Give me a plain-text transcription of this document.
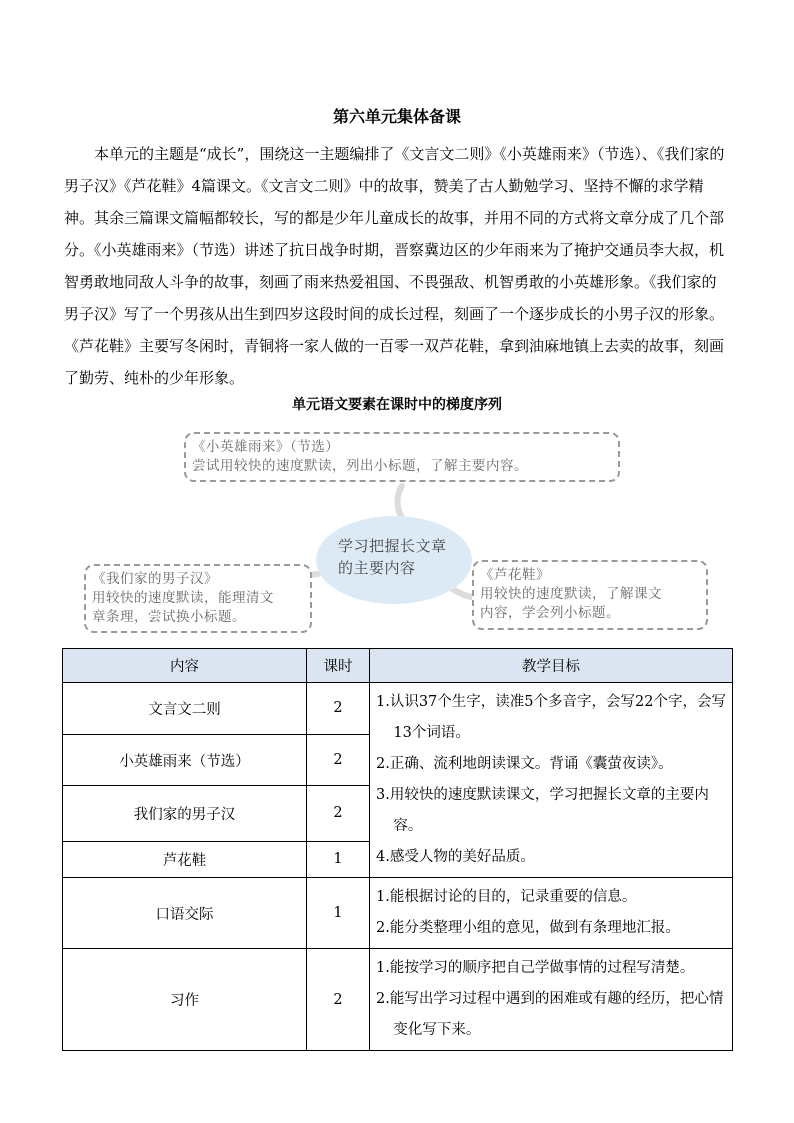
第六单元集体备课

本单元的主题是“成长”，围绕这一主题编排了《文言文二则》《小英雄雨来》（节选）、《我们家的男子汉》《芦花鞋》4篇课文。《文言文二则》中的故事，赞美了古人勤勉学习、坚持不懈的求学精神。其余三篇课文篇幅都较长，写的都是少年儿童成长的故事，并用不同的方式将文章分成了几个部分。《小英雄雨来》（节选）讲述了抗日战争时期，晋察冀边区的少年雨来为了掩护交通员李大叔，机智勇敢地同敌人斗争的故事，刻画了雨来热爱祖国、不畏强敌、机智勇敢的小英雄形象。《我们家的男子汉》写了一个男孩从出生到四岁这段时间的成长过程，刻画了一个逐步成长的小男子汉的形象。《芦花鞋》主要写冬闲时，青铜将一家人做的一百零一双芦花鞋，拿到油麻地镇上去卖的故事，刻画了勤劳、纯朴的少年形象。

单元语文要素在课时中的梯度序列
《小英雄雨来》（节选）
尝试用较快的速度默读，列出小标题，了解主要内容。
学习把握长文章
的主要内容
《我们家的男子汉》
用较快的速度默读，能理清文
章条理，尝试换小标题。
《芦花鞋》
用较快的速度默读，了解课文
内容，学会列小标题。
内容	课时	教学目标
文言文二则	2	1.认识37个生字，读准5个多音字，会写22个字，会写13个词语。
2.正确、流利地朗读课文。背诵《囊萤夜读》。
3.用较快的速度默读课文，学习把握长文章的主要内容。
4.感受人物的美好品质。

小英雄雨来（节选）	2	
我们家的男子汉	2	
芦花鞋	1	
口语交际	1	1.能根据讨论的目的，记录重要的信息。
2.能分类整理小组的意见，做到有条理地汇报。

习作	2	1.能按学习的顺序把自己学做事情的过程写清楚。
2.能写出学习过程中遇到的困难或有趣的经历，把心情变化写下来。
